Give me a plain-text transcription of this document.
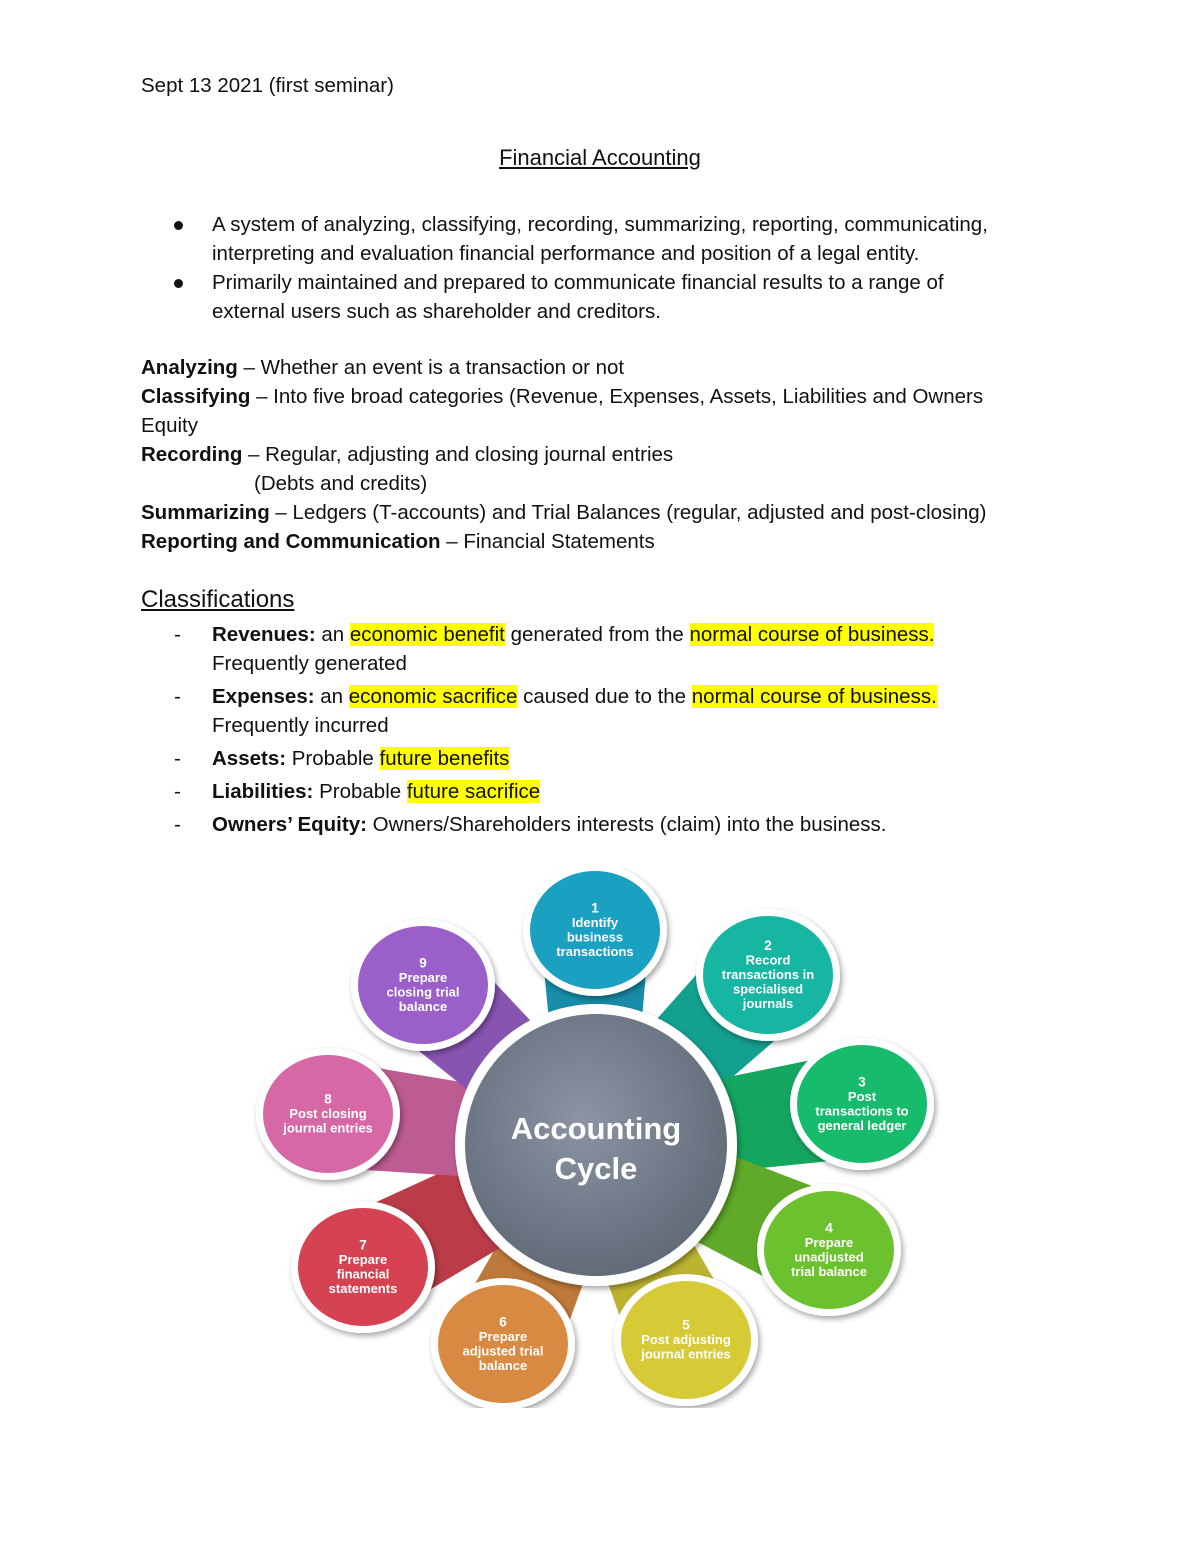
Sept 13 2021 (first seminar)
Financial Accounting
A system of analyzing, classifying, recording, summarizing, reporting, communicating,
interpreting and evaluation financial performance and position of a legal entity.
Primarily maintained and prepared to communicate financial results to a range of
external users such as shareholder and creditors.
Analyzing – Whether an event is a transaction or not
Classifying – Into five broad categories (Revenue, Expenses, Assets, Liabilities and Owners
Equity
Recording – Regular, adjusting and closing journal entries
(Debts and credits)
Summarizing – Ledgers (T-accounts) and Trial Balances (regular, adjusted and post-closing)
Reporting and Communication – Financial Statements
Classifications
- Revenues: an economic benefit generated from the normal course of business.
Frequently generated
- Expenses: an economic sacrifice caused due to the normal course of business.
Frequently incurred
- Assets: Probable future benefits
- Liabilities: Probable future sacrifice
- Owners’ Equity: Owners/Shareholders interests (claim) into the business.
Accounting
Cycle
1
Identify
business
transactions	2
Record
transactions in
specialised
journals
3
Post
transactions to
general ledger
4
Prepare
unadjusted
trial balance
5
Post adjusting
journal entries
6
Prepare
adjusted trial
balance
7
Prepare
financial
statements
8
Post closing
journal entries
9
Prepare
closing trial
balance
